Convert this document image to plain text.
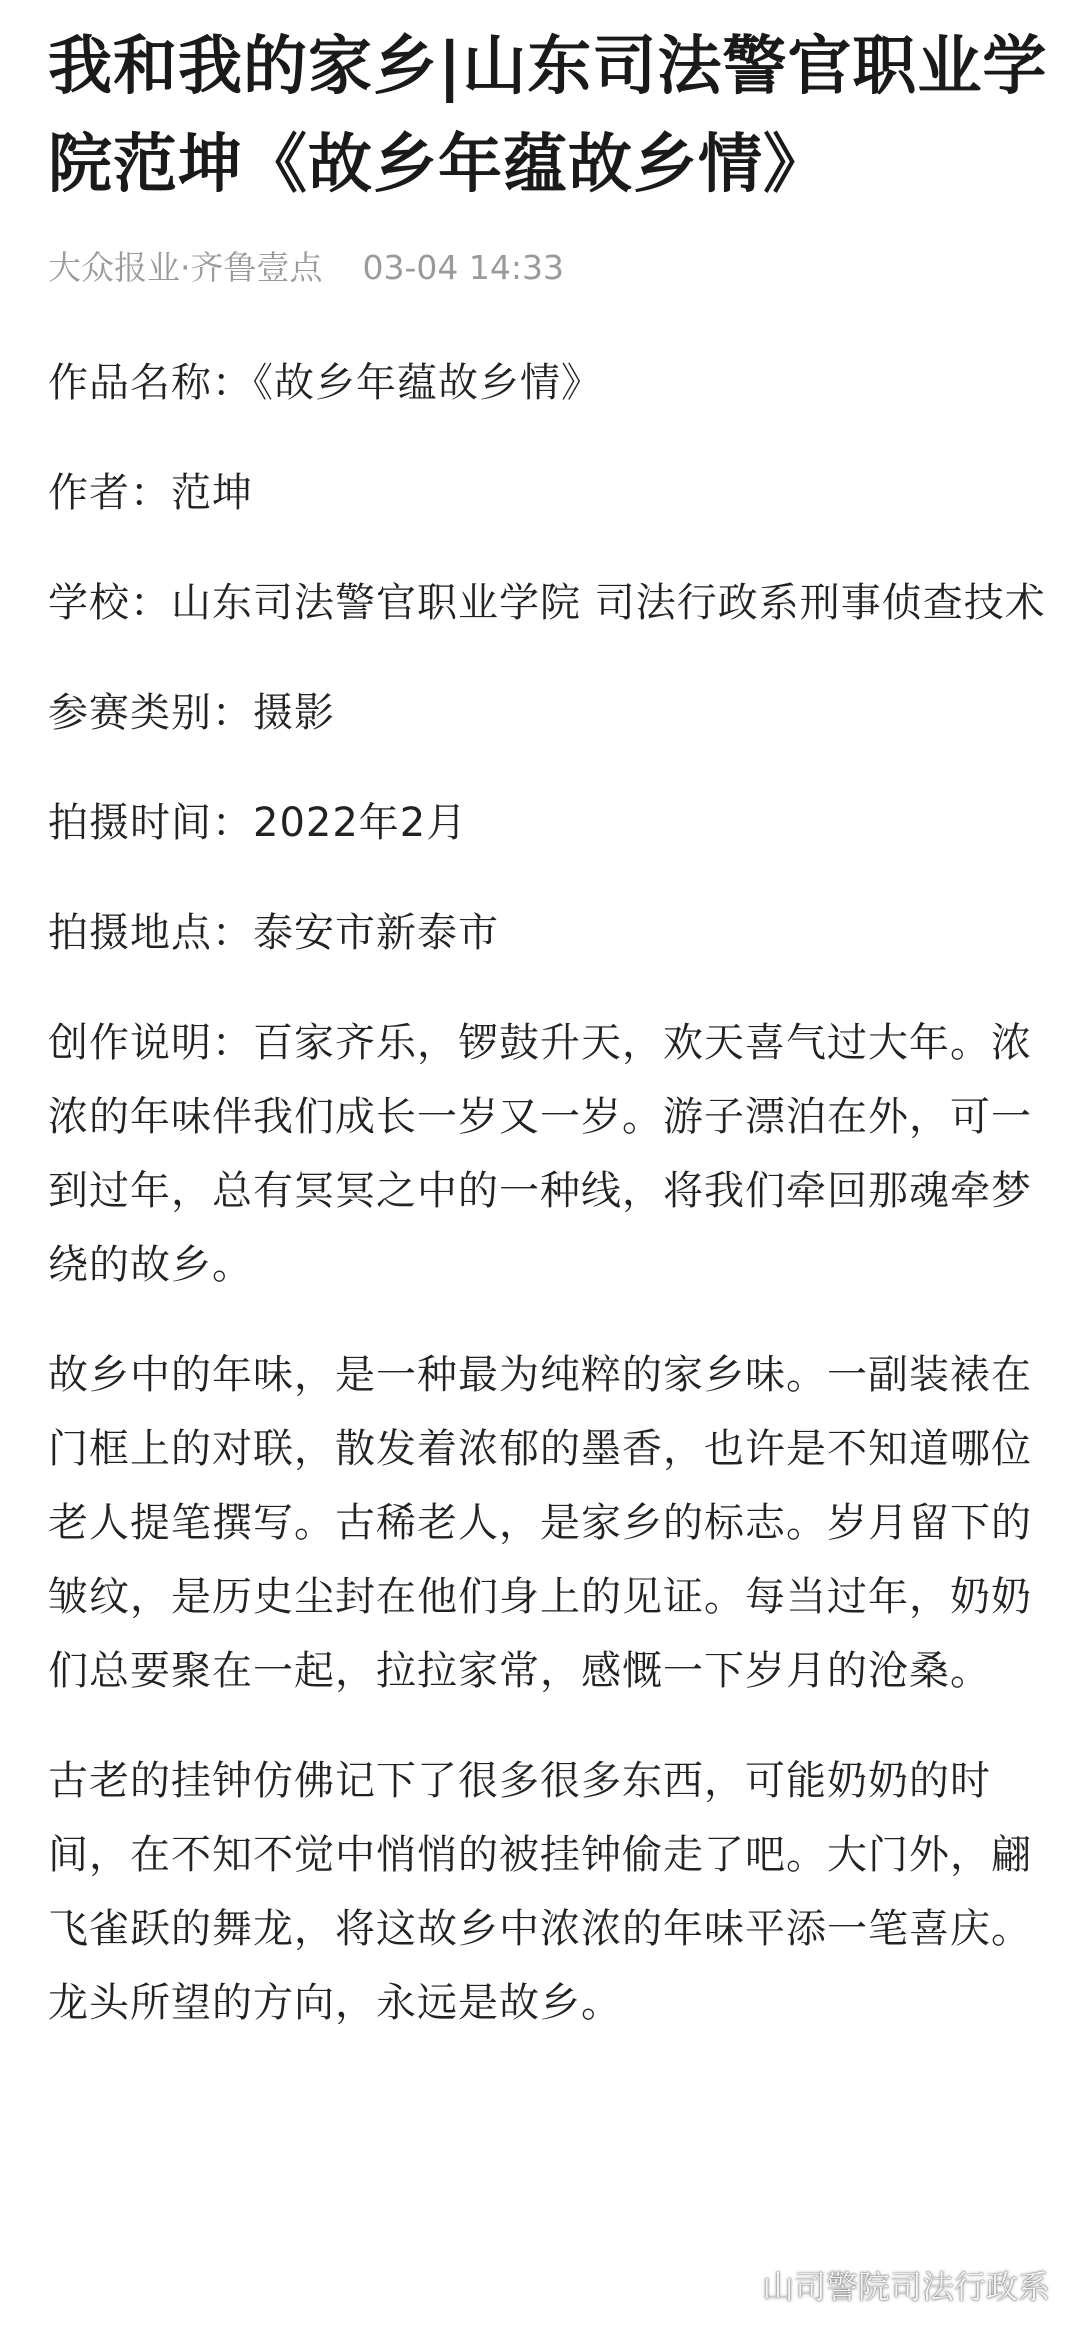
我和我的家乡|山东司法警官职业学院范坤《故乡年蕴故乡情》
大众报业·齐鲁壹点 03-04 14:33

作品名称：《故乡年蕴故乡情》

作者：范坤

学校：山东司法警官职业学院 司法行政系刑事侦查技术

参赛类别：摄影

拍摄时间：2022年2月

拍摄地点：泰安市新泰市

创作说明：百家齐乐，锣鼓升天，欢天喜气过大年。浓浓的年味伴我们成长一岁又一岁。游子漂泊在外，可一到过年，总有冥冥之中的一种线，将我们牵回那魂牵梦绕的故乡。

故乡中的年味，是一种最为纯粹的家乡味。一副装裱在门框上的对联，散发着浓郁的墨香，也许是不知道哪位老人提笔撰写。古稀老人，是家乡的标志。岁月留下的皱纹，是历史尘封在他们身上的见证。每当过年，奶奶们总要聚在一起，拉拉家常，感慨一下岁月的沧桑。

古老的挂钟仿佛记下了很多很多东西，可能奶奶的时间，在不知不觉中悄悄的被挂钟偷走了吧。大门外，翩飞雀跃的舞龙，将这故乡中浓浓的年味平添一笔喜庆。龙头所望的方向，永远是故乡。

山司警院司法行政系
